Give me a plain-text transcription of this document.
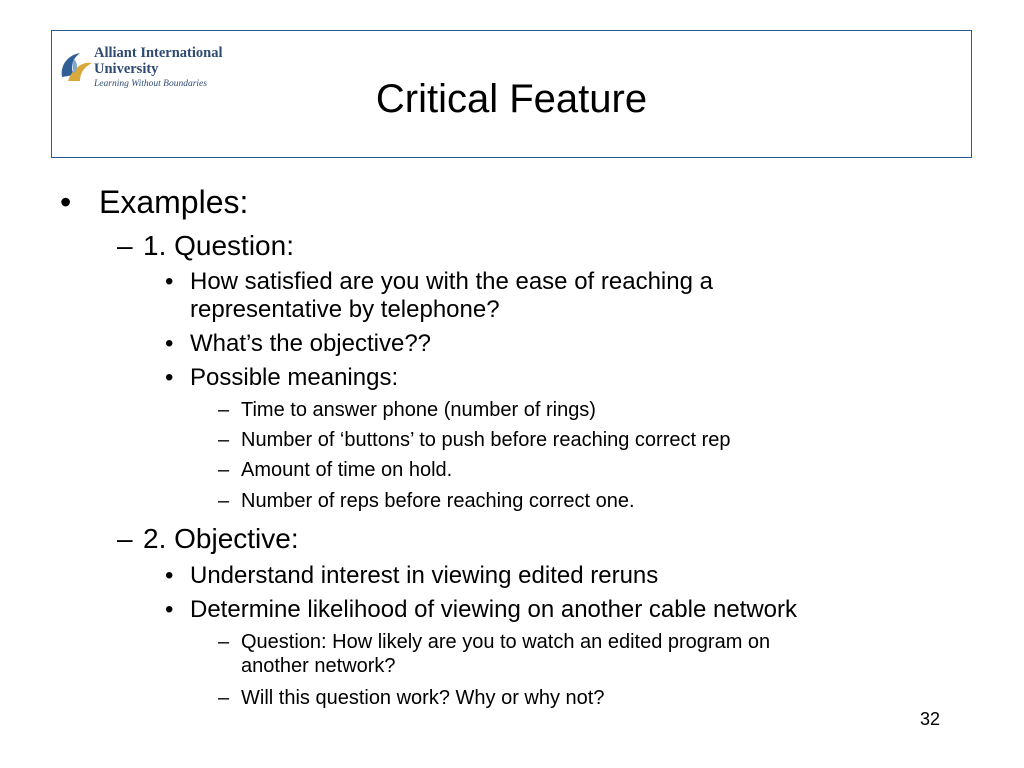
Alliant International
University
Learning Without Boundaries	Critical Feature
• Examples:
– 1. Question:
• How satisfied are you with the ease of reaching a
representative by telephone?
• What’s the objective??
• Possible meanings:
– Time to answer phone (number of rings)
– Number of ‘buttons’ to push before reaching correct rep
– Amount of time on hold.
– Number of reps before reaching correct one.
– 2. Objective:
• Understand interest in viewing edited reruns
• Determine likelihood of viewing on another cable network
– Question: How likely are you to watch an edited program on
another network?
– Will this question work? Why or why not?
32
